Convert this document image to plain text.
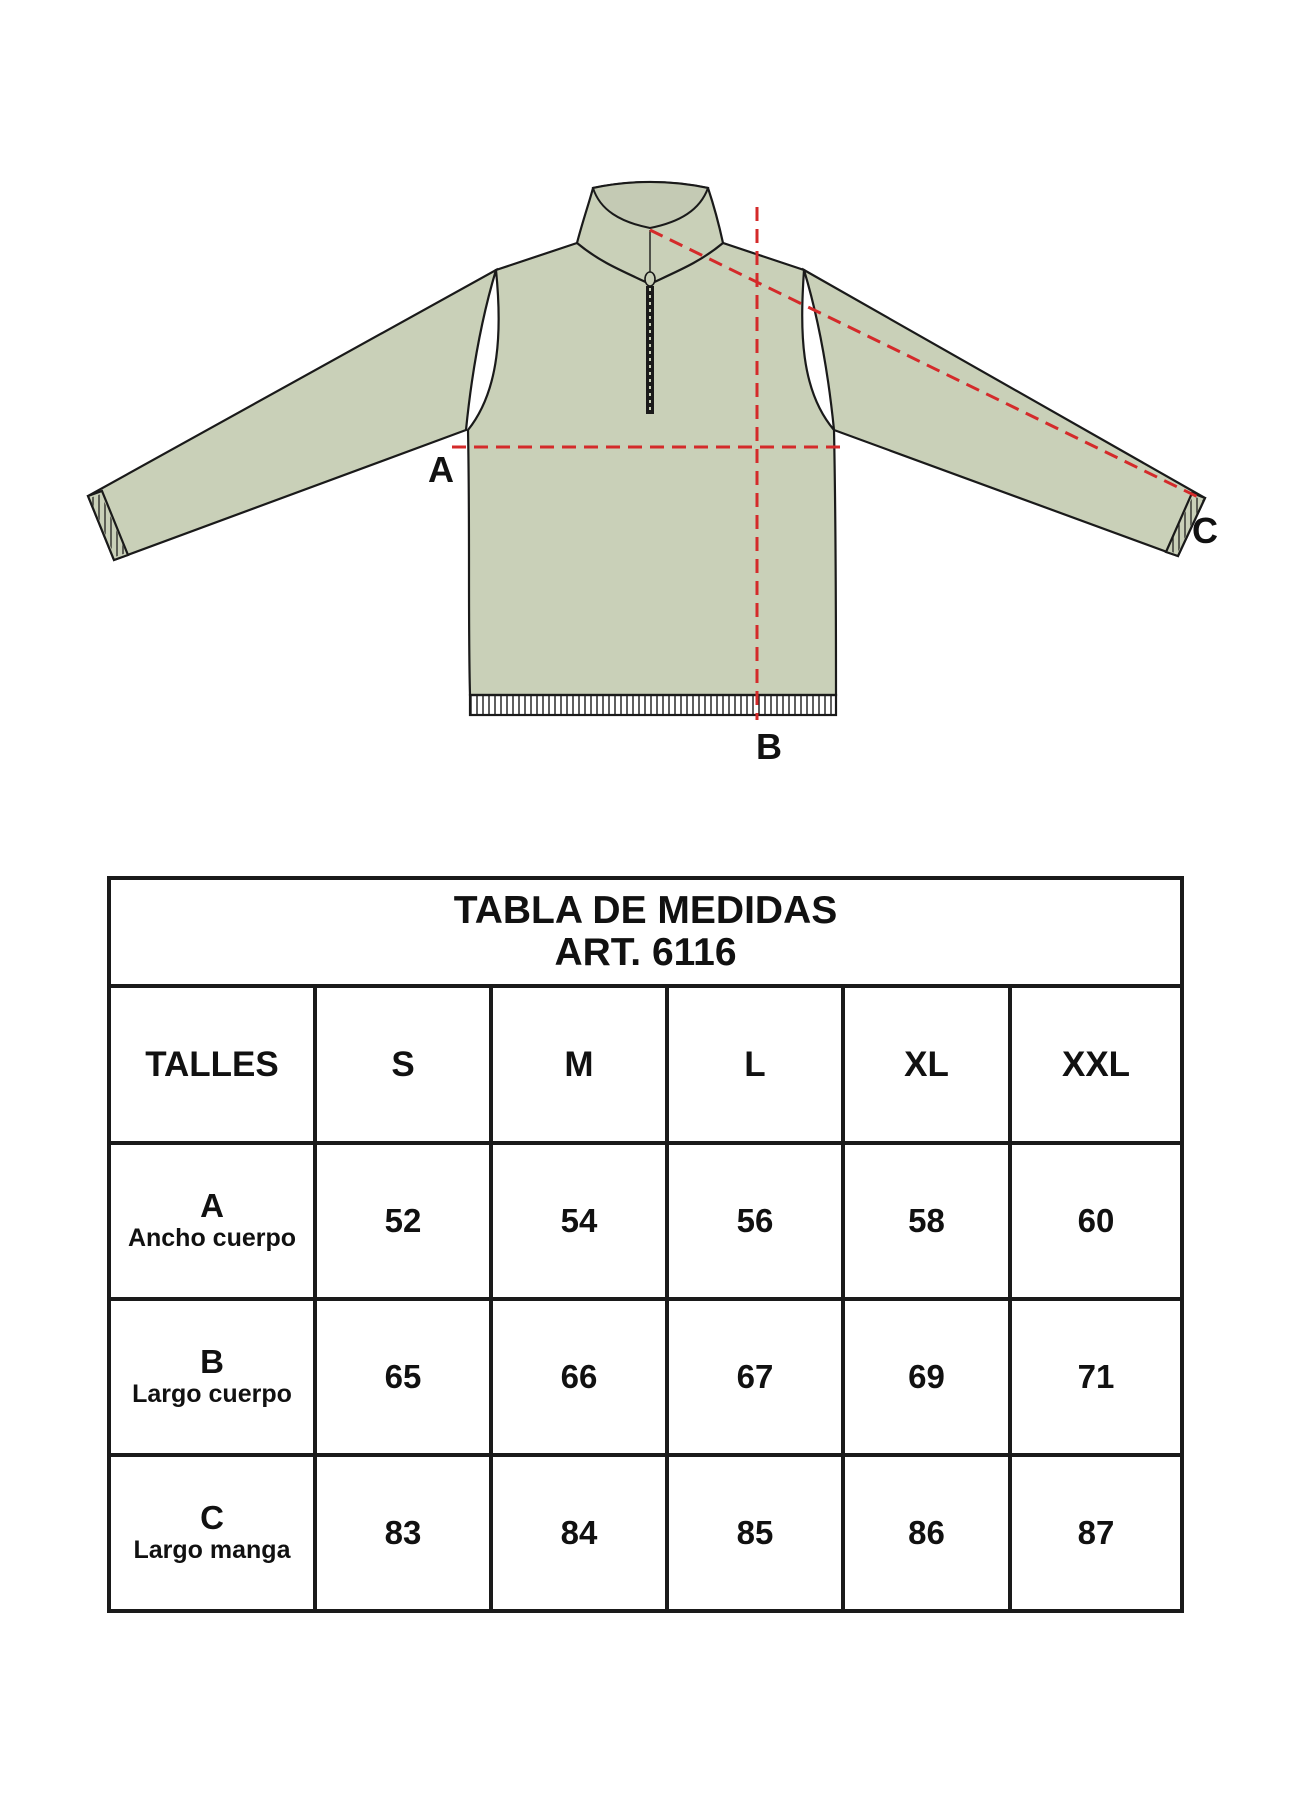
A
B
C
TABLA DE MEDIDAS
ART. 6116					

TALLES	S	M	L	XL	XXL

A
Ancho cuerpo	52	54	56	58	60

B
Largo cuerpo	65	66	67	69	71

C
Largo manga	83	84	85	86	87
